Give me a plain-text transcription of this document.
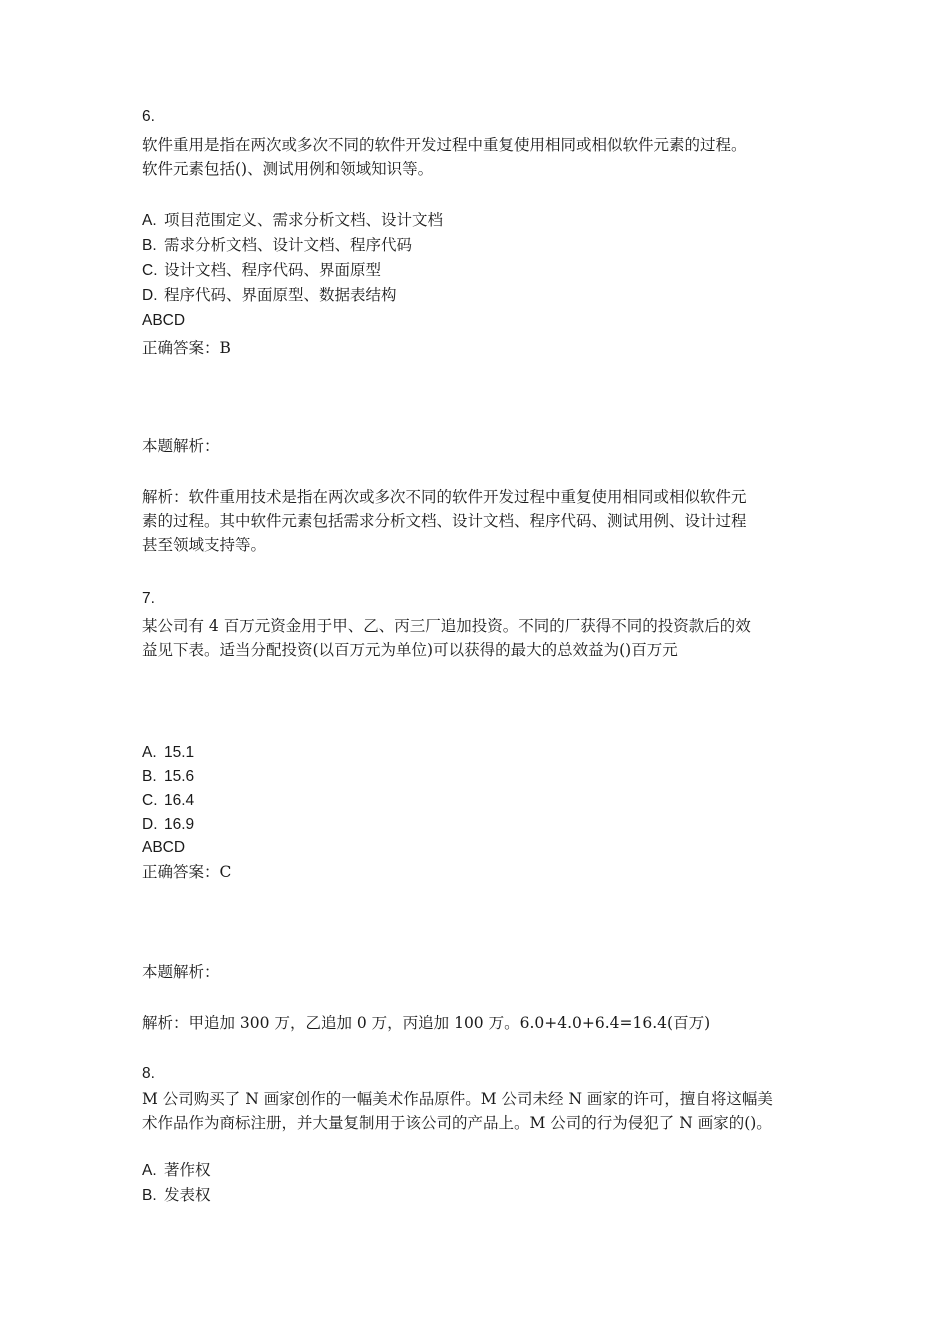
6.
软件重用是指在两次或多次不同的软件开发过程中重复使用相同或相似软件元素的过程。
软件元素包括()、测试用例和领域知识等。
A. 项目范围定义、需求分析文档、设计文档
B. 需求分析文档、设计文档、程序代码
C. 设计文档、程序代码、界面原型
D. 程序代码、界面原型、数据表结构
ABCD
正确答案：B
本题解析：
解析：软件重用技术是指在两次或多次不同的软件开发过程中重复使用相同或相似软件元
素的过程。其中软件元素包括需求分析文档、设计文档、程序代码、测试用例、设计过程
甚至领域支持等。
7.
某公司有 4 百万元资金用于甲、乙、丙三厂追加投资。不同的厂获得不同的投资款后的效
益见下表。适当分配投资(以百万元为单位)可以获得的最大的总效益为()百万元
A. 15.1
B. 15.6
C. 16.4
D. 16.9
ABCD
正确答案：C
本题解析：
解析：甲追加 300 万，乙追加 0 万，丙追加 100 万。6.0+4.0+6.4=16.4(百万)
8.
M 公司购买了 N 画家创作的一幅美术作品原件。M 公司未经 N 画家的许可，擅自将这幅美
术作品作为商标注册，并大量复制用于该公司的产品上。M 公司的行为侵犯了 N 画家的()。
A. 著作权
B. 发表权
